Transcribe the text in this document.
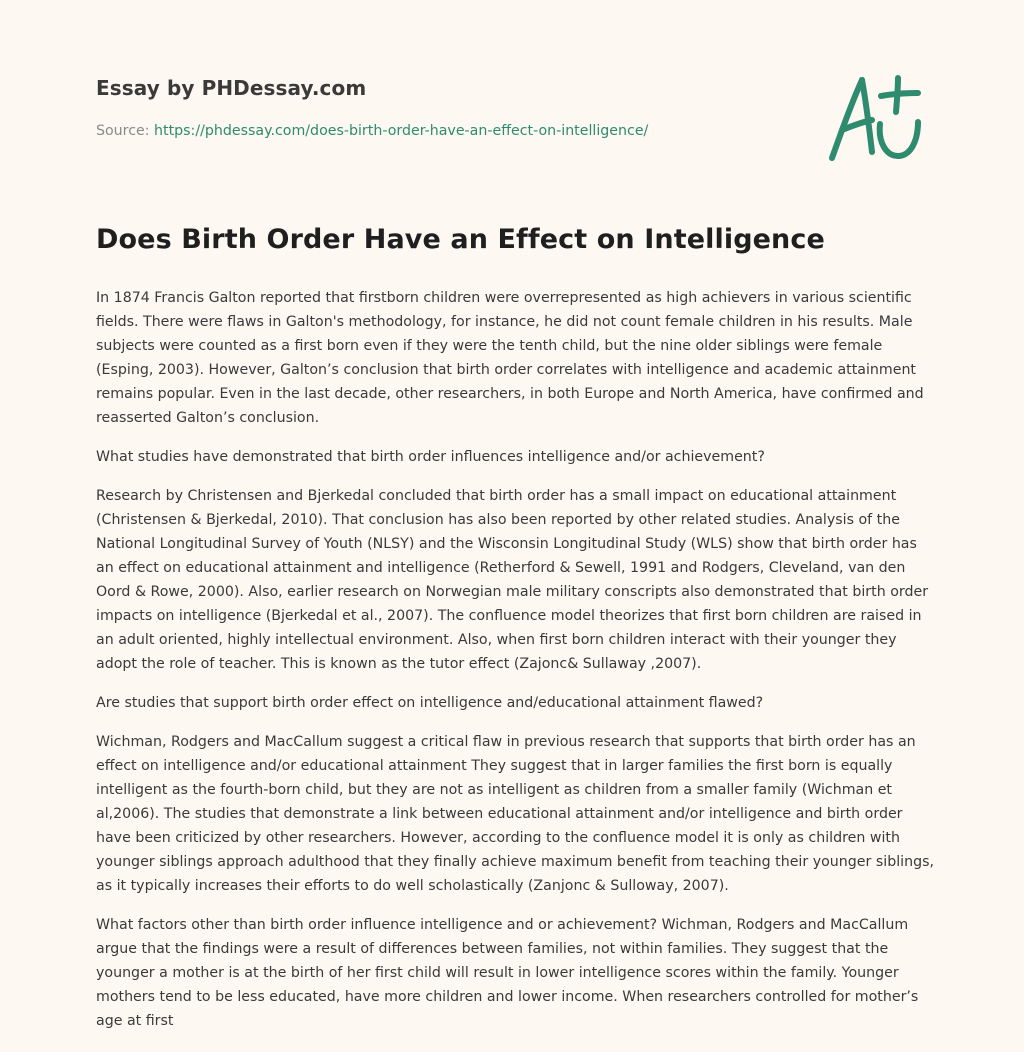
Essay by PHDessay.com
Source: https://phdessay.com/does-birth-order-have-an-effect-on-intelligence/
Does Birth Order Have an Effect on Intelligence

In 1874 Francis Galton reported that firstborn children were overrepresented as high achievers in various scientific fields. There were flaws in Galton's methodology, for instance, he did not count female children in his results. Male subjects were counted as a first born even if they were the tenth child, but the nine older siblings were female (Esping, 2003). However, Galton’s conclusion that birth order correlates with intelligence and academic attainment remains popular. Even in the last decade, other researchers, in both Europe and North America, have confirmed and reasserted Galton’s conclusion.

What studies have demonstrated that birth order influences intelligence and/or achievement?

Research by Christensen and Bjerkedal concluded that birth order has a small impact on educational attainment (Christensen & Bjerkedal, 2010). That conclusion has also been reported by other related studies. Analysis of the National Longitudinal Survey of Youth (NLSY) and the Wisconsin Longitudinal Study (WLS) show that birth order has an effect on educational attainment and intelligence (Retherford & Sewell, 1991 and Rodgers, Cleveland, van den Oord & Rowe, 2000). Also, earlier research on Norwegian male military conscripts also demonstrated that birth order impacts on intelligence (Bjerkedal et al., 2007). The confluence model theorizes that first born children are raised in an adult oriented, highly intellectual environment. Also, when first born children interact with their younger they adopt the role of teacher. This is known as the tutor effect (Zajonc& Sullaway ,2007).

Are studies that support birth order effect on intelligence and/educational attainment flawed?

Wichman, Rodgers and MacCallum suggest a critical flaw in previous research that supports that birth order has an effect on intelligence and/or educational attainment They suggest that in larger families the first born is equally intelligent as the fourth-born child, but they are not as intelligent as children from a smaller family (Wichman et al,2006). The studies that demonstrate a link between educational attainment and/or intelligence and birth order have been criticized by other researchers. However, according to the confluence model it is only as children with younger siblings approach adulthood that they finally achieve maximum benefit from teaching their younger siblings, as it typically increases their efforts to do well scholastically (Zanjonc & Sulloway, 2007).

What factors other than birth order influence intelligence and or achievement? Wichman, Rodgers and MacCallum argue that the findings were a result of differences between families, not within families. They suggest that the younger a mother is at the birth of her first child will result in lower intelligence scores within the family. Younger mothers tend to be less educated, have more children and lower income. When researchers controlled for mother’s age at first
